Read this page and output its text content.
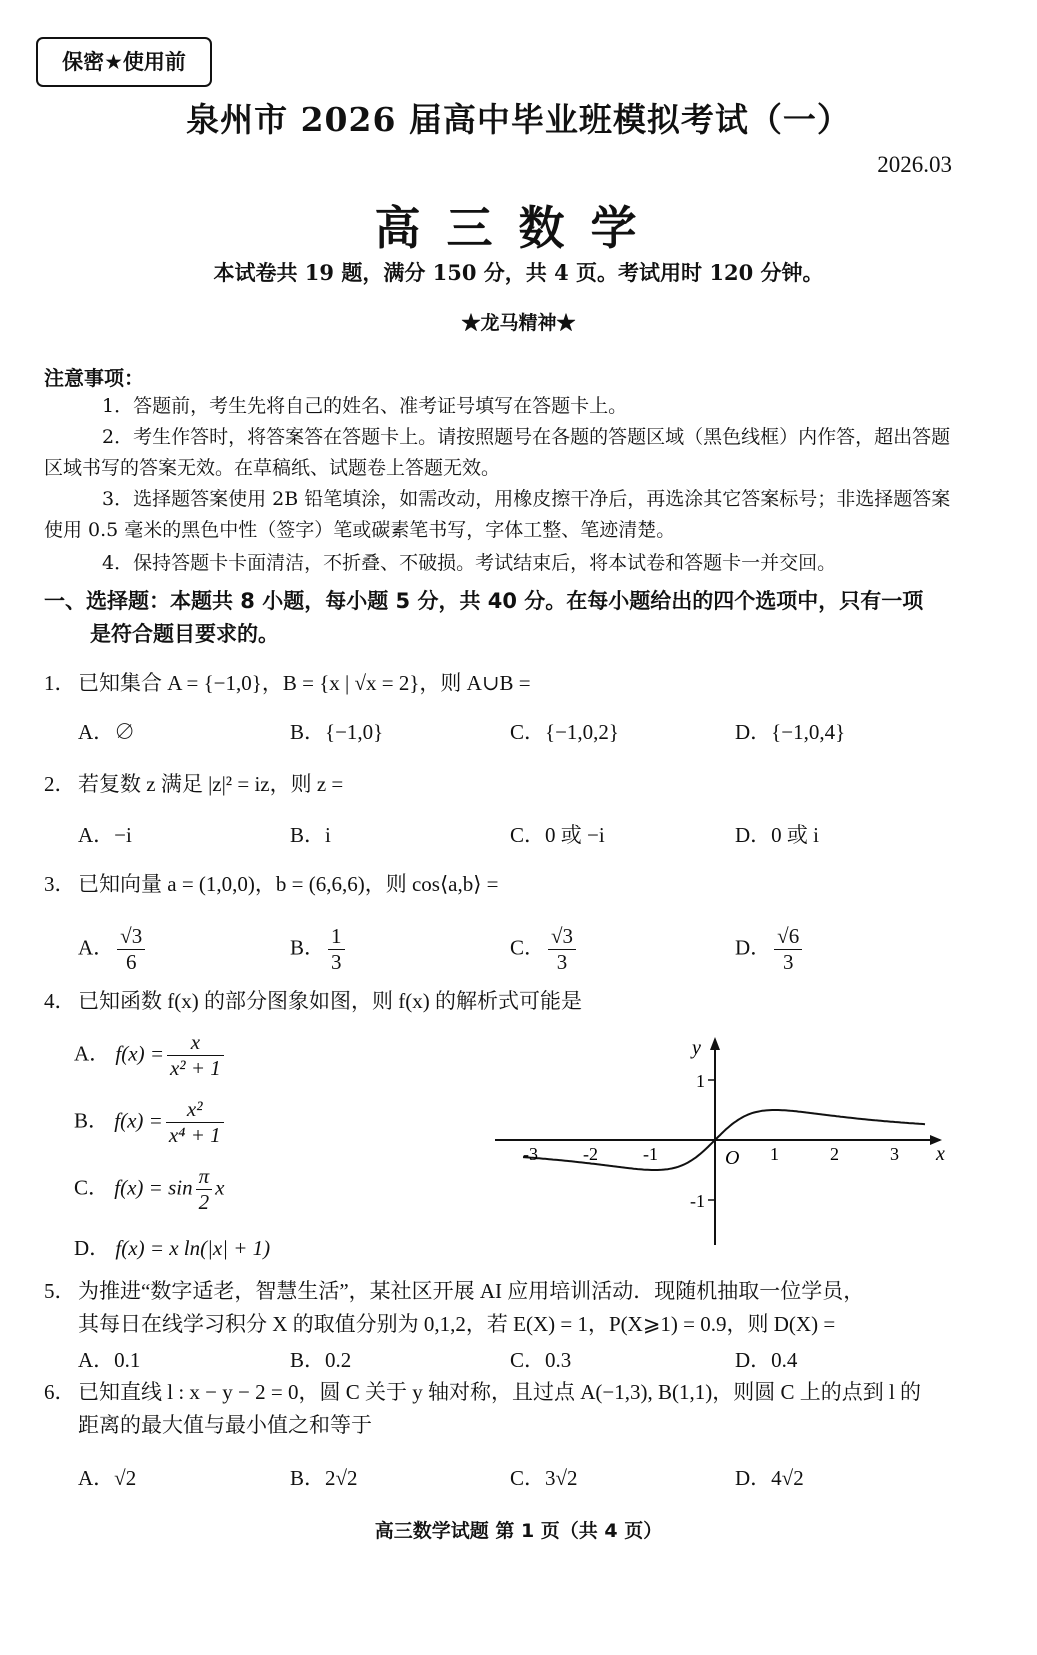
保密★使用前
泉州市 2026 届高中毕业班模拟考试（一）
2026.03
高三数学
本试卷共 19 题，满分 150 分，共 4 页。考试用时 120 分钟。
★龙马精神★
注意事项：
1．答题前，考生先将自己的姓名、准考证号填写在答题卡上。
2．考生作答时，将答案答在答题卡上。请按照题号在各题的答题区域（黑色线框）内作答，超出答题区域书写的答案无效。在草稿纸、试题卷上答题无效。
3．选择题答案使用 2B 铅笔填涂，如需改动，用橡皮擦干净后，再选涂其它答案标号；非选择题答案使用 0.5 毫米的黑色中性（签字）笔或碳素笔书写，字体工整、笔迹清楚。
4．保持答题卡卡面清洁，不折叠、不破损。考试结束后，将本试卷和答题卡一并交回。
一、选择题：本题共 8 小题，每小题 5 分，共 40 分。在每小题给出的四个选项中，只有一项
是符合题目要求的。
1． 已知集合 A = {−1,0}，B = {x | √x = 2}，则 A∪B =
A．∅	B．{−1,0}	C．{−1,0,2}	D．{−1,0,4}
2． 若复数 z 满足 |z|² = iz，则 z =
A．−i	B．i	C．0 或 −i	D．0 或 i
3． 已知向量 a = (1,0,0)，b = (6,6,6)，则 cos⟨a,b⟩ =
A． $\frac{√3}{6}$	B． $\frac{1}{3}$	C． $\frac{√3}{3}$	D． $\frac{√6}{3}$
4． 已知函数 f(x) 的部分图象如图，则 f(x) 的解析式可能是
A． $f(x) = \frac{x}{\text{x² + 1}}$
B． $f(x) = \frac{\text{x²}}{\text{x⁴ + 1}}$
C． $f(x) = \sin \frac{\pi}{2}$ x
D． f(x) = x ln(|x| + 1)
y
x
O
1
-1
-3	-2	-1	1	2	3
5． 为推进“数字适老，智慧生活”，某社区开展 AI 应用培训活动．现随机抽取一位学员，
其每日在线学习积分 X 的取值分别为 0,1,2，若 E(X) = 1，P(X⩾1) = 0.9，则 D(X) =
A．0.1	B．0.2	C．0.3	D．0.4
6． 已知直线 l : x − y − 2 = 0，圆 C 关于 y 轴对称，且过点 A(−1,3), B(1,1)，则圆 C 上的点到 l 的
距离的最大值与最小值之和等于
A．√2	B．2√2	C．3√2	D．4√2
高三数学试题 第 1 页（共 4 页）
